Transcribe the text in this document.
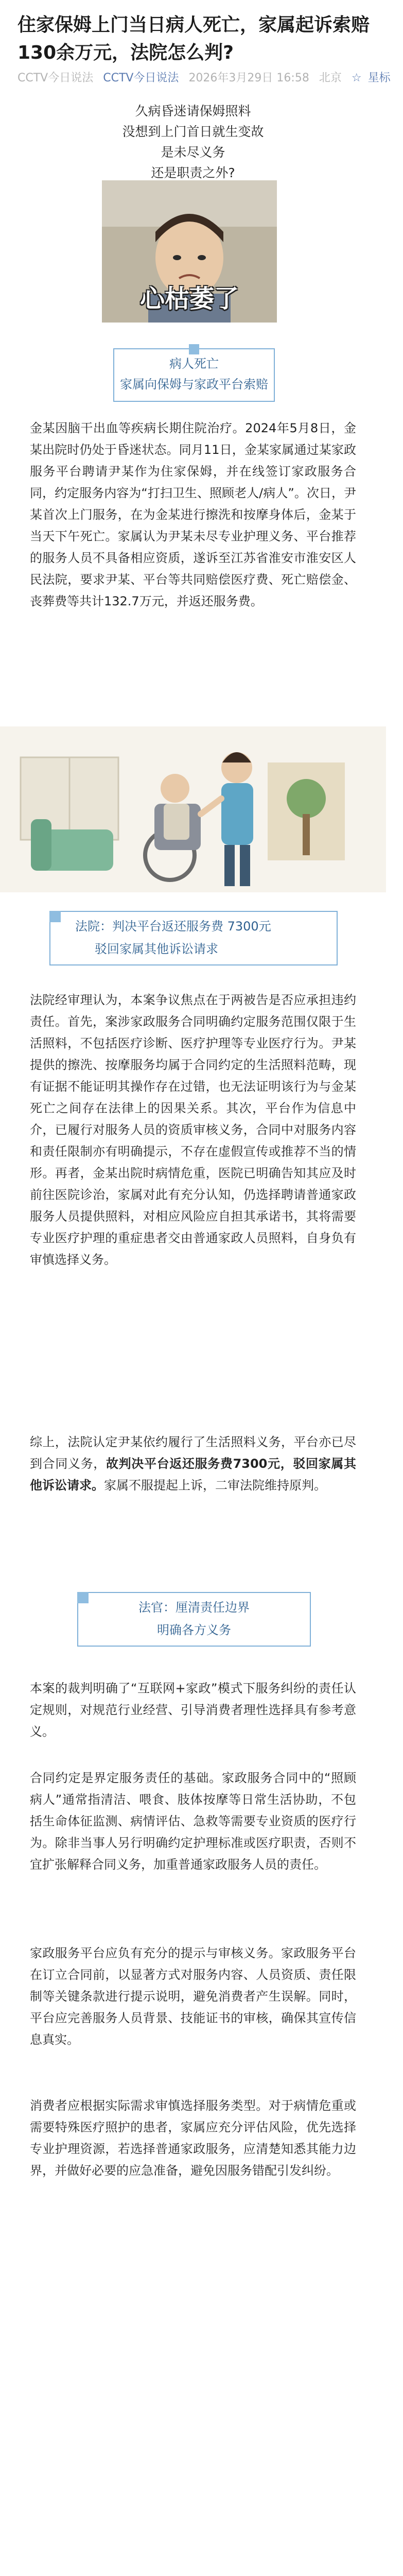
住家保姆上门当日病人死亡，家属起诉索赔130余万元，法院怎么判?
CCTV今日说法 CCTV今日说法 2026年3月29日 16:58 北京 ☆ 星标
久病昏迷请保姆照料
没想到上门首日就生变故
是未尽义务
还是职责之外?
心枯萎了
病人死亡
家属向保姆与家政平台索赔

金某因脑干出血等疾病长期住院治疗。2024年5月8日，金某出院时仍处于昏迷状态。同月11日，金某家属通过某家政服务平台聘请尹某作为住家保姆，并在线签订家政服务合同，约定服务内容为“打扫卫生、照顾老人/病人”。次日，尹某首次上门服务，在为金某进行擦洗和按摩身体后，金某于当天下午死亡。家属认为尹某未尽专业护理义务、平台推荐的服务人员不具备相应资质，遂诉至江苏省淮安市淮安区人民法院，要求尹某、平台等共同赔偿医疗费、死亡赔偿金、丧葬费等共计132.7万元，并返还服务费。

法院：判决平台返还服务费 7300元
驳回家属其他诉讼请求

法院经审理认为，本案争议焦点在于两被告是否应承担违约责任。首先，案涉家政服务合同明确约定服务范围仅限于生活照料，不包括医疗诊断、医疗护理等专业医疗行为。尹某提供的擦洗、按摩服务均属于合同约定的生活照料范畴，现有证据不能证明其操作存在过错，也无法证明该行为与金某死亡之间存在法律上的因果关系。其次，平台作为信息中介，已履行对服务人员的资质审核义务，合同中对服务内容和责任限制亦有明确提示，不存在虚假宣传或推荐不当的情形。再者，金某出院时病情危重，医院已明确告知其应及时前往医院诊治，家属对此有充分认知，仍选择聘请普通家政服务人员提供照料，对相应风险应自担其承诺书，其将需要专业医疗护理的重症患者交由普通家政人员照料，自身负有审慎选择义务。

综上，法院认定尹某依约履行了生活照料义务，平台亦已尽到合同义务，故判决平台返还服务费7300元，驳回家属其他诉讼请求。家属不服提起上诉，二审法院维持原判。

法官：厘清责任边界
明确各方义务

本案的裁判明确了“互联网+家政”模式下服务纠纷的责任认定规则，对规范行业经营、引导消费者理性选择具有参考意义。

合同约定是界定服务责任的基础。家政服务合同中的“照顾病人”通常指清洁、喂食、肢体按摩等日常生活协助，不包括生命体征监测、病情评估、急救等需要专业资质的医疗行为。除非当事人另行明确约定护理标准或医疗职责，否则不宜扩张解释合同义务，加重普通家政服务人员的责任。

家政服务平台应负有充分的提示与审核义务。家政服务平台在订立合同前，以显著方式对服务内容、人员资质、责任限制等关键条款进行提示说明，避免消费者产生误解。同时，平台应完善服务人员背景、技能证书的审核，确保其宣传信息真实。

消费者应根据实际需求审慎选择服务类型。对于病情危重或需要特殊医疗照护的患者，家属应充分评估风险，优先选择专业护理资源，若选择普通家政服务，应清楚知悉其能力边界，并做好必要的应急准备，避免因服务错配引发纠纷。
